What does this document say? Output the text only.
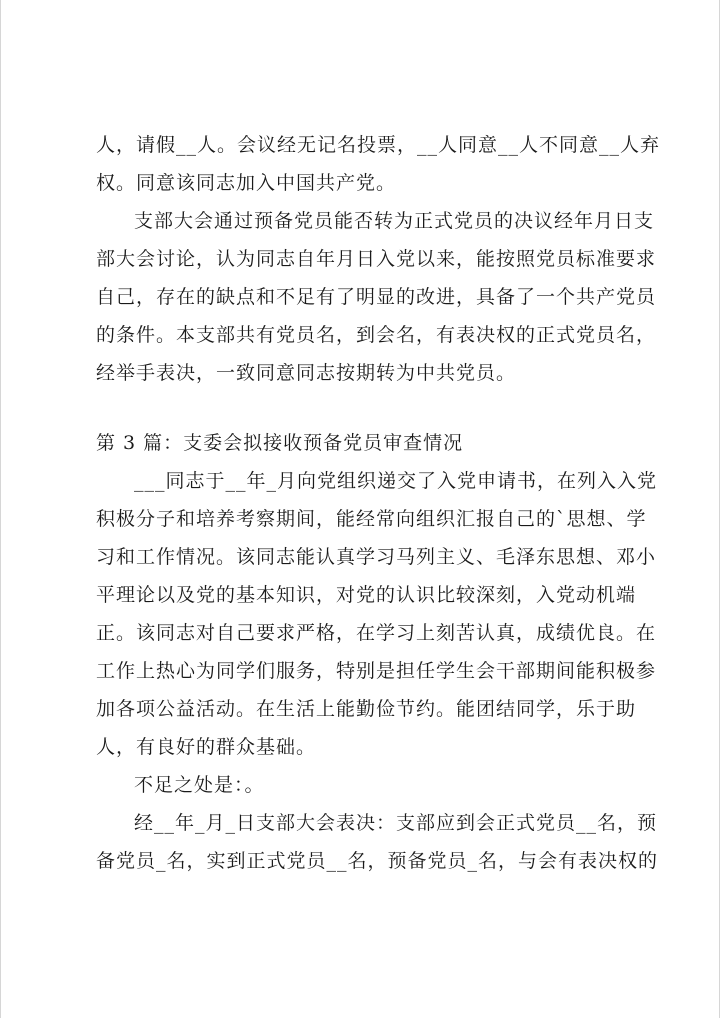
人，请假__人。会议经无记名投票，__人同意__人不同意__人弃
权。同意该同志加入中国共产党。
支部大会通过预备党员能否转为正式党员的决议经年月日支
部大会讨论，认为同志自年月日入党以来，能按照党员标准要求
自己，存在的缺点和不足有了明显的改进，具备了一个共产党员
的条件。本支部共有党员名，到会名，有表决权的正式党员名，
经举手表决，一致同意同志按期转为中共党员。
第 3 篇：支委会拟接收预备党员审查情况
___同志于__年_月向党组织递交了入党申请书，在列入入党
积极分子和培养考察期间，能经常向组织汇报自己的`思想、学
习和工作情况。该同志能认真学习马列主义、毛泽东思想、邓小
平理论以及党的基本知识，对党的认识比较深刻，入党动机端
正。该同志对自己要求严格，在学习上刻苦认真，成绩优良。在
工作上热心为同学们服务，特别是担任学生会干部期间能积极参
加各项公益活动。在生活上能勤俭节约。能团结同学，乐于助
人，有良好的群众基础。
不足之处是：。
经__年_月_日支部大会表决：支部应到会正式党员__名，预
备党员_名，实到正式党员__名，预备党员_名，与会有表决权的
